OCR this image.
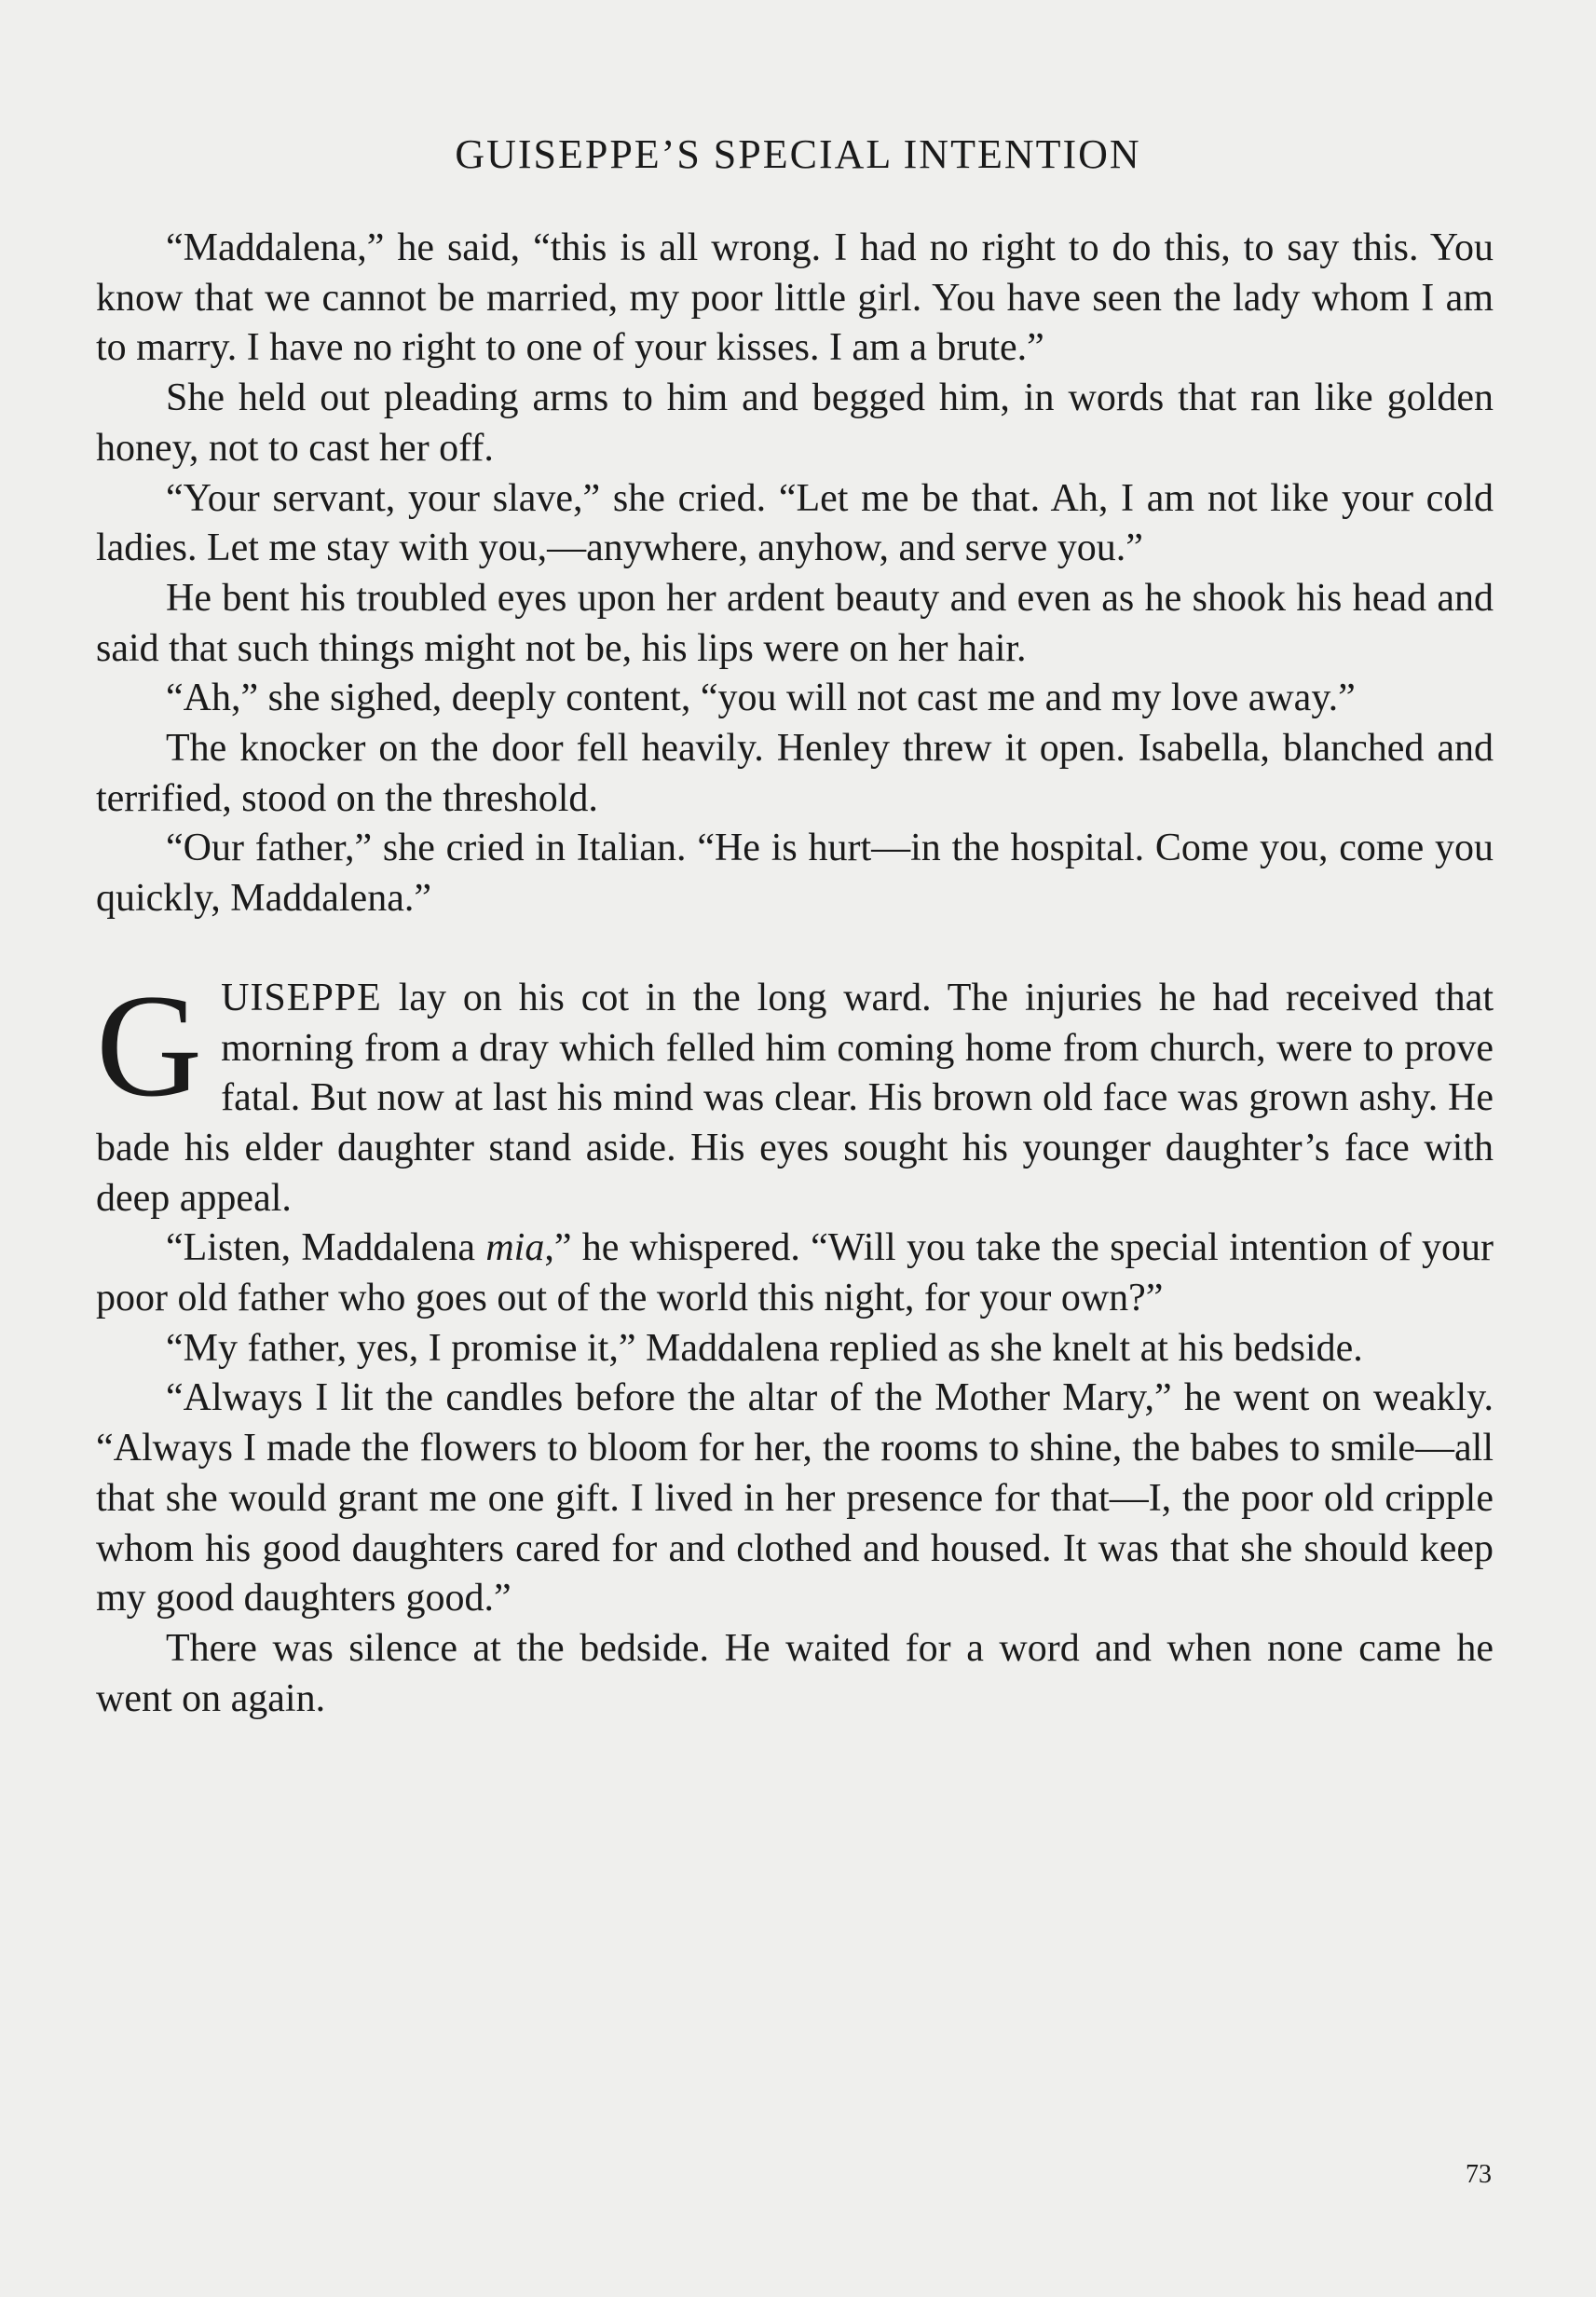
GUISEPPE’S SPECIAL INTENTION

“Maddalena,” he said, “this is all wrong. I had no right to do this, to say this. You know that we cannot be married, my poor little girl. You have seen the lady whom I am to marry. I have no right to one of your kisses. I am a brute.”

She held out pleading arms to him and begged him, in words that ran like golden honey, not to cast her off.

“Your servant, your slave,” she cried. “Let me be that. Ah, I am not like your cold ladies. Let me stay with you,—anywhere, anyhow, and serve you.”

He bent his troubled eyes upon her ardent beauty and even as he shook his head and said that such things might not be, his lips were on her hair.

“Ah,” she sighed, deeply content, “you will not cast me and my love away.”

The knocker on the door fell heavily. Henley threw it open. Isabella, blanched and terrified, stood on the threshold.

“Our father,” she cried in Italian. “He is hurt—in the hospital. Come you, come you quickly, Maddalena.”

GUISEPPE lay on his cot in the long ward. The injuries he had received that morning from a dray which felled him coming home from church, were to prove fatal. But now at last his mind was clear. His brown old face was grown ashy. He bade his elder daughter stand aside. His eyes sought his younger daughter’s face with deep appeal.

“Listen, Maddalena mia,” he whispered. “Will you take the special intention of your poor old father who goes out of the world this night, for your own?”

“My father, yes, I promise it,” Maddalena replied as she knelt at his bedside.

“Always I lit the candles before the altar of the Mother Mary,” he went on weakly. “Always I made the flowers to bloom for her, the rooms to shine, the babes to smile—all that she would grant me one gift. I lived in her presence for that—I, the poor old cripple whom his good daughters cared for and clothed and housed. It was that she should keep my good daughters good.”

There was silence at the bedside. He waited for a word and when none came he went on again.

73
